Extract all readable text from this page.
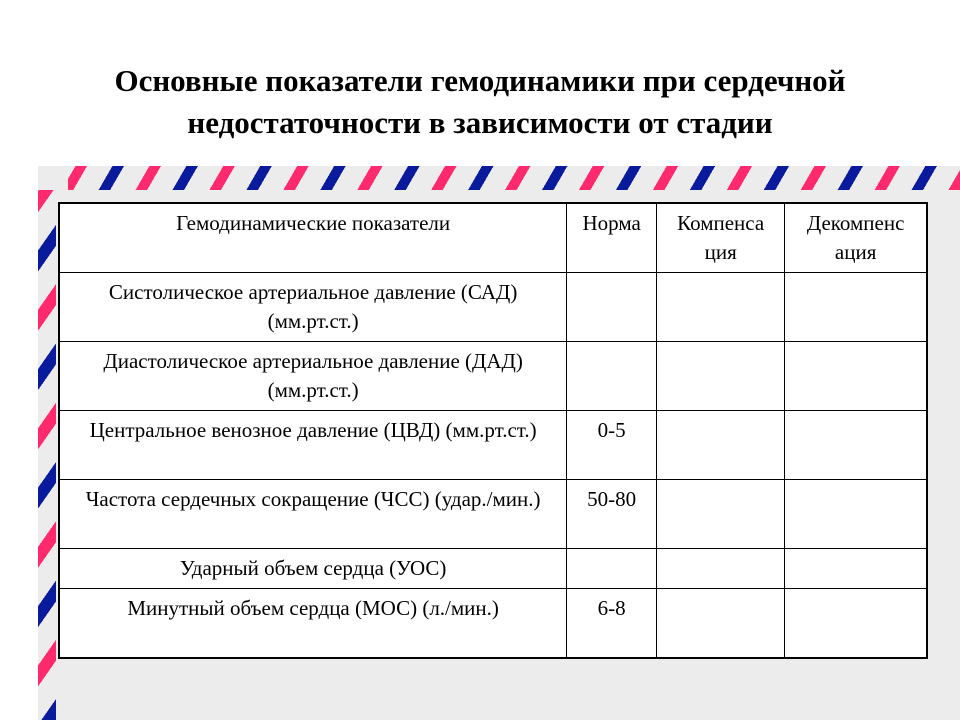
Основные показатели гемодинамики при сердечной
недостаточности в зависимости от стадии
Гемодинамические показатели	Норма	Компенса ция	Декомпенс ация
Систолическое артериальное давление (САД) (мм.рт.ст.)			
Диастолическое артериальное давление (ДАД) (мм.рт.ст.)			
Центральное венозное давление (ЦВД) (мм.рт.ст.)	0-5		
Частота сердечных сокращение (ЧСС) (удар./мин.)	50-80		
Ударный объем сердца (УОС)			
Минутный объем сердца (МОС) (л./мин.)	6-8		
